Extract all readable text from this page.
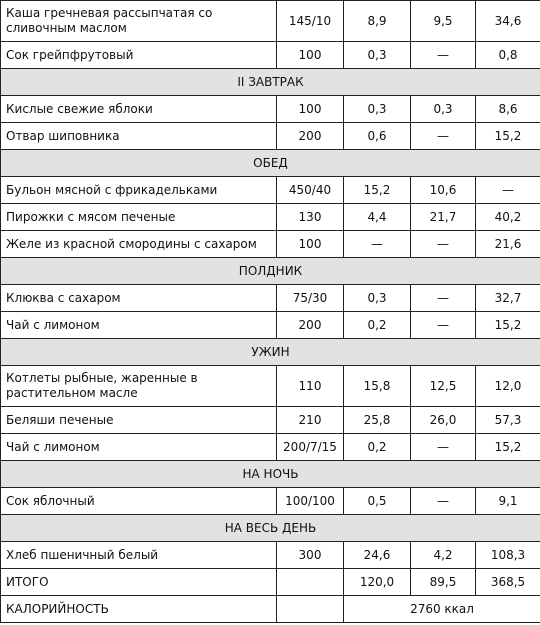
Каша гречневая рассыпчатая со сливочным маслом	145/10	8,9	9,5	34,6
Сок грейпфрутовый	100	0,3	—	0,8
II ЗАВТРАК				
Кислые свежие яблоки	100	0,3	0,3	8,6
Отвар шиповника	200	0,6	—	15,2
ОБЕД				
Бульон мясной с фрикадельками	450/40	15,2	10,6	—
Пирожки с мясом печеные	130	4,4	21,7	40,2
Желе из красной смородины с сахаром	100	—	—	21,6
ПОЛДНИК				
Клюква с сахаром	75/30	0,3	—	32,7
Чай с лимоном	200	0,2	—	15,2
УЖИН				
Котлеты рыбные, жаренные в растительном масле	110	15,8	12,5	12,0
Беляши печеные	210	25,8	26,0	57,3
Чай с лимоном	200/7/15	0,2	—	15,2
НА НОЧЬ				
Сок яблочный	100/100	0,5	—	9,1
НА ВЕСЬ ДЕНЬ				
Хлеб пшеничный белый	300	24,6	4,2	108,3
ИТОГО		120,0	89,5	368,5
КАЛОРИЙНОСТЬ		2760 ккал		
